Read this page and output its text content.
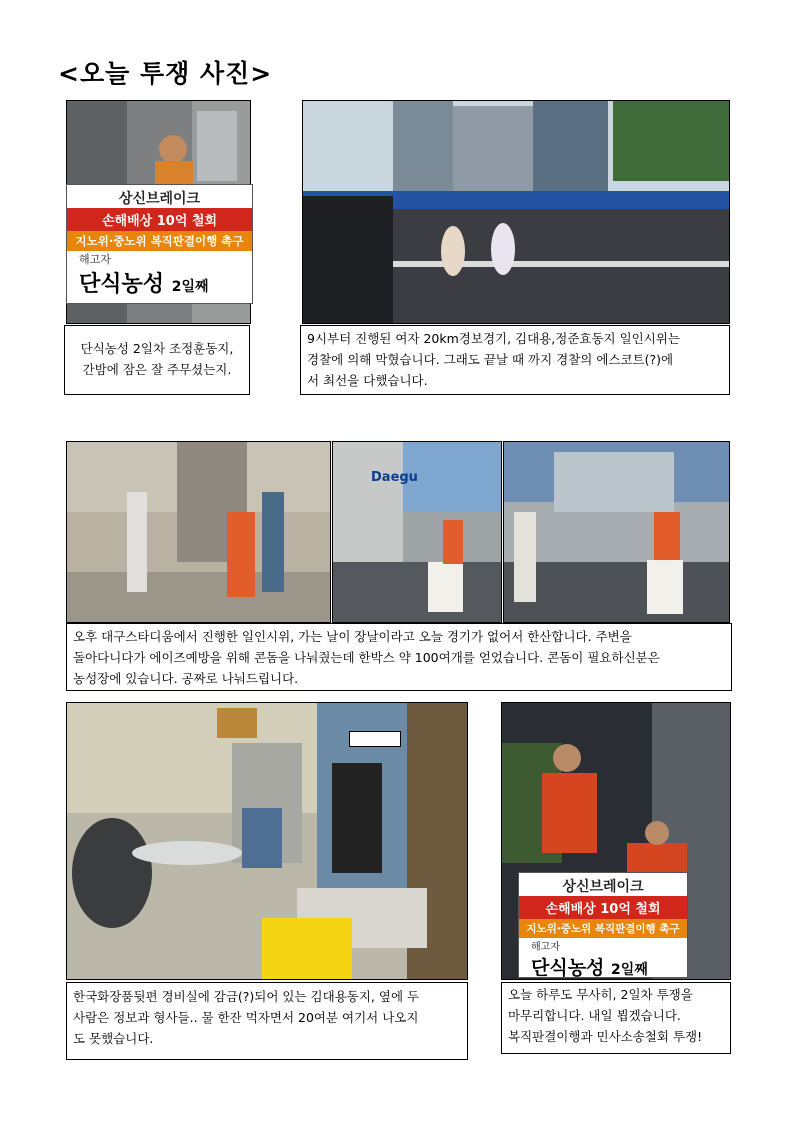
<오늘 투쟁 사진>
상신브레이크
손해배상 10억 철회
지노위·중노위 복직판결이행 촉구
해고자
단식농성 2일째
단식농성 2일차 조정훈동지,
간밤에 잠은 잘 주무셨는지.
9시부터 진행된 여자 20km경보경기, 김대용,정준효동지 일인시위는
경찰에 의해 막혔습니다. 그래도 끝날 때 까지 경찰의 에스코트(?)에
서 최선을 다했습니다.
Daegu
오후 대구스타디움에서 진행한 일인시위, 가는 날이 장날이라고 오늘 경기가 없어서 한산합니다. 주변을
돌아다니다가 에이즈예방을 위해 콘돔을 나눠줬는데 한박스 약 100여개를 얻었습니다. 콘돔이 필요하신분은
농성장에 있습니다. 공짜로 나눠드립니다.
한국화장품뒷편 경비실에 감금(?)되어 있는 김대용동지, 옆에 두
사람은 정보과 형사들.. 물 한잔 먹자면서 20여분 여기서 나오지
도 못했습니다.
상신브레이크
손해배상 10억 철회
지노위·중노위 복직판결이행 촉구
해고자
단식농성 2일째
오늘 하루도 무사히, 2일차 투쟁을
마무리합니다. 내일 뵙겠습니다.
복직판결이행과 민사소송철회 투쟁!
